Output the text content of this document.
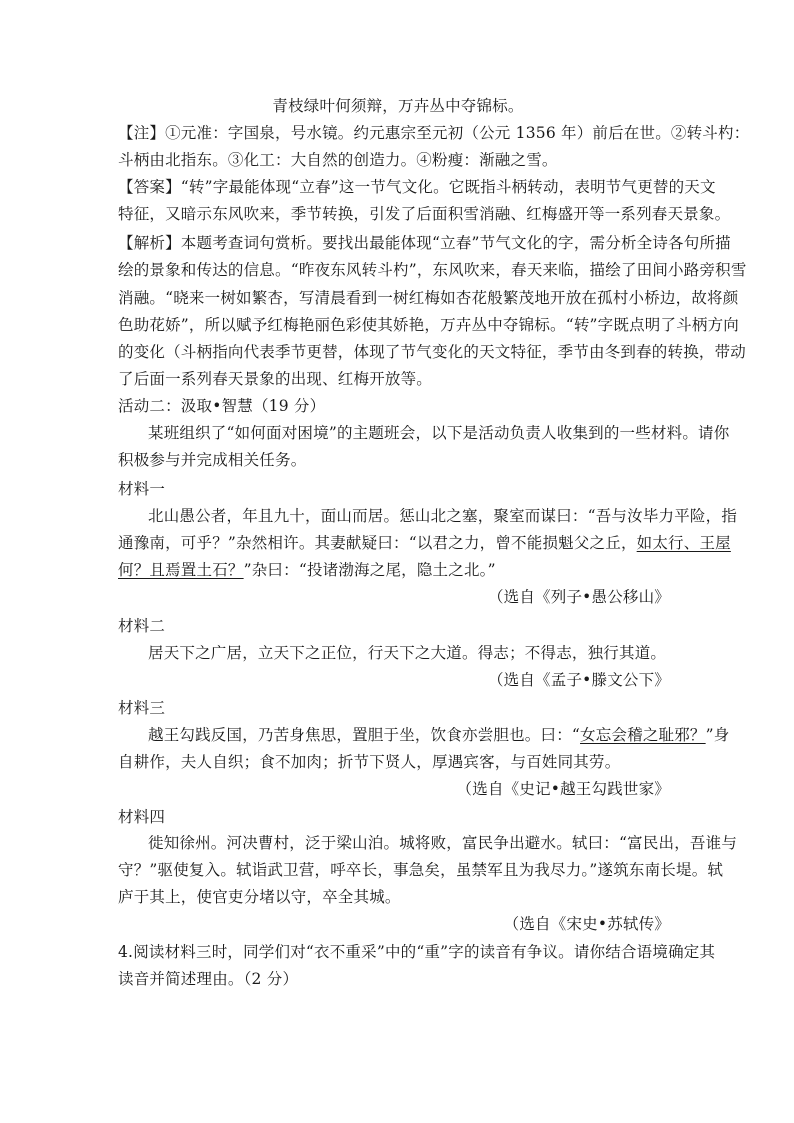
青枝绿叶何须辩，万卉丛中夺锦标。
【注】①元准：字国泉，号水镜。约元惠宗至元初（公元 1356 年）前后在世。②转斗杓：
斗柄由北指东。③化工：大自然的创造力。④粉瘦：渐融之雪。
【答案】“转”字最能体现“立春”这一节气文化。它既指斗柄转动，表明节气更替的天文
特征，又暗示东风吹来，季节转换，引发了后面积雪消融、红梅盛开等一系列春天景象。
【解析】本题考查词句赏析。要找出最能体现“立春”节气文化的字，需分析全诗各句所描
绘的景象和传达的信息。“昨夜东风转斗杓”，东风吹来，春天来临，描绘了田间小路旁积雪
消融。“晓来一树如繁杏，写清晨看到一树红梅如杏花般繁茂地开放在孤村小桥边，故将颜
色助花娇”，所以赋予红梅艳丽色彩使其娇艳，万卉丛中夺锦标。“转”字既点明了斗柄方向
的变化（斗柄指向代表季节更替，体现了节气变化的天文特征，季节由冬到春的转换，带动
了后面一系列春天景象的出现、红梅开放等。
活动二：汲取•智慧（19 分）
某班组织了“如何面对困境”的主题班会，以下是活动负责人收集到的一些材料。请你
积极参与并完成相关任务。
材料一
北山愚公者，年且九十，面山而居。惩山北之塞，聚室而谋曰：“吾与汝毕力平险，指
通豫南，可乎？”杂然相许。其妻献疑曰：“以君之力，曾不能损魁父之丘，如太行、王屋
何？且焉置土石？”杂曰：“投诸渤海之尾，隐土之北。”
（选自《列子•愚公移山》
材料二
居天下之广居，立天下之正位，行天下之大道。得志；不得志，独行其道。
（选自《孟子•滕文公下》
材料三
越王勾践反国，乃苦身焦思，置胆于坐，饮食亦尝胆也。曰：“女忘会稽之耻邪？”身
自耕作，夫人自织；食不加肉；折节下贤人，厚遇宾客，与百姓同其劳。
（选自《史记•越王勾践世家》
材料四
徙知徐州。河决曹村，泛于梁山泊。城将败，富民争出避水。轼曰：“富民出，吾谁与
守？”驱使复入。轼诣武卫营，呼卒长，事急矣，虽禁军且为我尽力。”遂筑东南长堤。轼
庐于其上，使官吏分堵以守，卒全其城。
（选自《宋史•苏轼传》
4.阅读材料三时，同学们对“衣不重采”中的“重”字的读音有争议。请你结合语境确定其
读音并简述理由。（2 分）
